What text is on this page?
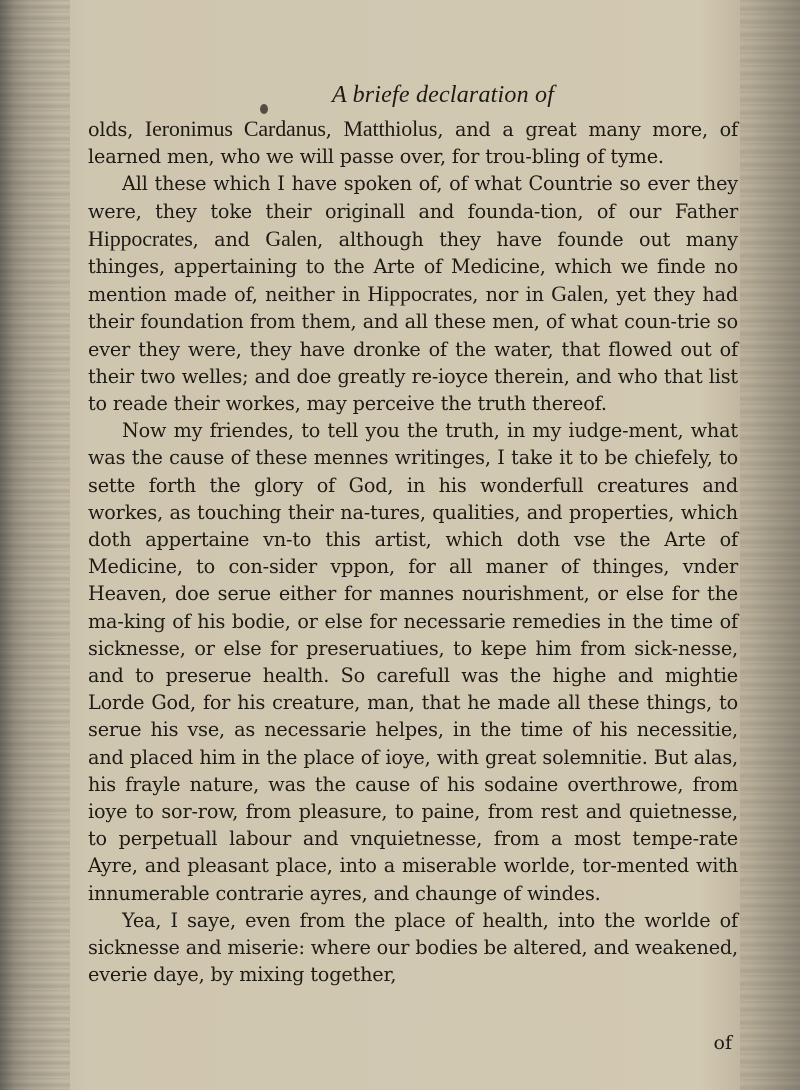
A briefe declaration of

olds, Ieronimus Cardanus, Matthiolus, and a great many more, of learned men, who we will passe over, for trou-bling of tyme.

All these which I have spoken of, of what Countrie so ever they were, they toke their originall and founda-tion, of our Father Hippocrates, and Galen, although they have founde out many thinges, appertaining to the Arte of Medicine, which we finde no mention made of, neither in Hippocrates, nor in Galen, yet they had their foundation from them, and all these men, of what coun-trie so ever they were, they have dronke of the water, that flowed out of their two welles; and doe greatly re-ioyce therein, and who that list to reade their workes, may perceive the truth thereof.

Now my friendes, to tell you the truth, in my iudge-ment, what was the cause of these mennes writinges, I take it to be chiefely, to sette forth the glory of God, in his wonderfull creatures and workes, as touching their na-tures, qualities, and properties, which doth appertaine vn-to this artist, which doth vse the Arte of Medicine, to con-sider vppon, for all maner of thinges, vnder Heaven, doe serue either for mannes nourishment, or else for the ma-king of his bodie, or else for necessarie remedies in the time of sicknesse, or else for preseruatiues, to kepe him from sick-nesse, and to preserue health. So carefull was the highe and mightie Lorde God, for his creature, man, that he made all these things, to serue his vse, as necessarie helpes, in the time of his necessitie, and placed him in the place of ioye, with great solemnitie. But alas, his frayle nature, was the cause of his sodaine overthrowe, from ioye to sor-row, from pleasure, to paine, from rest and quietnesse, to perpetuall labour and vnquietnesse, from a most tempe-rate Ayre, and pleasant place, into a miserable worlde, tor-mented with innumerable contrarie ayres, and chaunge of windes.

Yea, I saye, even from the place of health, into the worlde of sicknesse and miserie: where our bodies be altered, and weakened, everie daye, by mixing together,

of
